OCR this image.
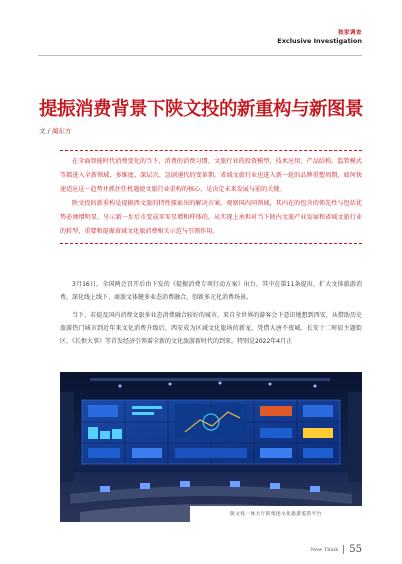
独家调查
Exclusive Investigation
提振消费背景下陕文投的新重构与新图景
文 / 蔺东方

在全面智能时代消费变化的当下，消费的消费习惯、文旅行业的投资模型、技术应用、产品结构、监管模式等都进入全新领域，多维度、深层次、急剧递代的变革期。省域文旅行业也进入新一轮的品牌重塑周期，如何快速适应这一趋势并抓住任机遇使文旅行业重构的核心，是决定未来发展与前的关键。

陕文投的新重构是提振西文旅的特性探索出的解决方案。观察国内同领域，其内在的包含的领先性与包括优势必须增明显，呈示新一步后市变成零零星增和样体的、从实现上承担对当下陕内文旅产业发展和省域文旅行业的转型，重要和提振省域文化旅消费相关示范与引领作用。

3月16日，全国两会召开后由下发的《提振消费专项行动方案》出台，其中在第11条提出，扩大文体旅游消费，深化线上线下、商旅文体健多业态消费融合，创新多元化消费场景。

当下，若提及国内消费文旅多业态消费融合较好的城市，来自全世界的游客会下意识地想到西安，从借助历史旅游热门城市到近年来文化消费升级后，西安成为区域文化旅场的新宠，凭借大唐不夜城、长安十二时辰主题街区、《长恨大事》等首发经济引领着全新的文化旅游新时代的到来。特别是2022年4月正

陕文投一体大厅的集团文化旅游监管平台
New Think 55
